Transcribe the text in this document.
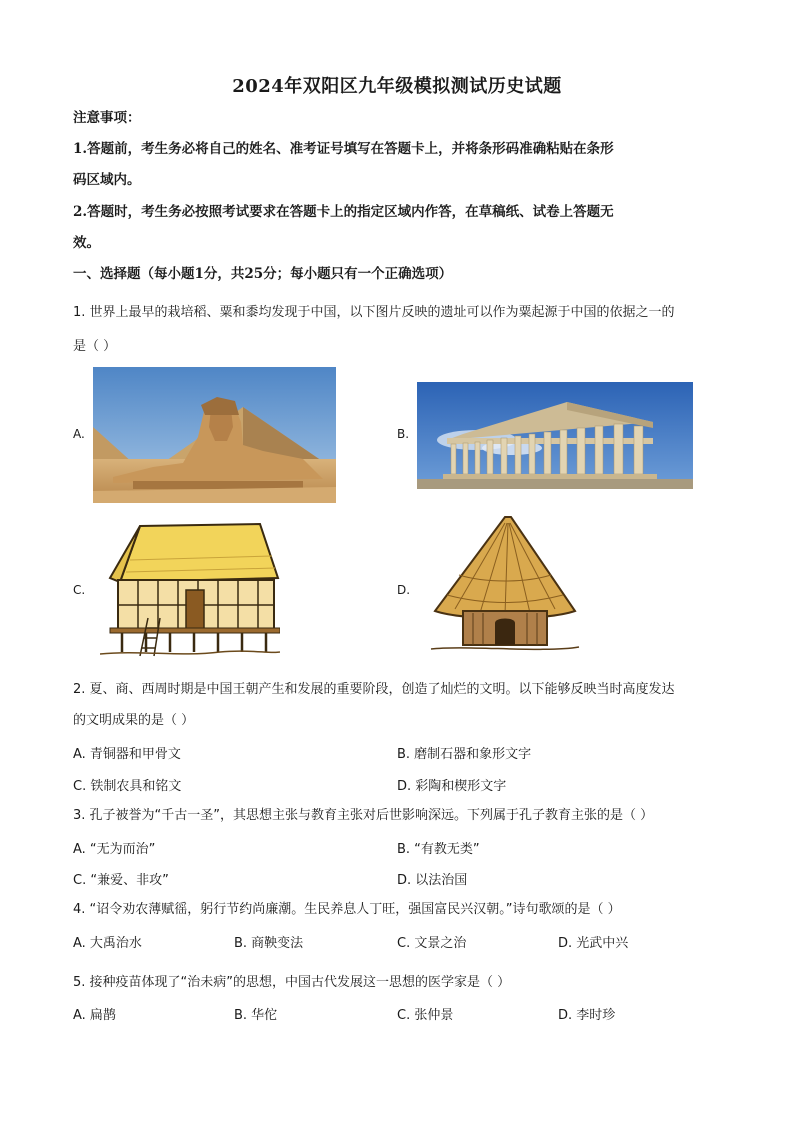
2024年双阳区九年级模拟测试历史试题
注意事项：
1.答题前，考生务必将自己的姓名、准考证号填写在答题卡上，并将条形码准确粘贴在条形
码区域内。
2.答题时，考生务必按照考试要求在答题卡上的指定区域内作答，在草稿纸、试卷上答题无
效。
一、选择题（每小题1分，共25分；每小题只有一个正确选项）
1. 世界上最早的栽培稻、粟和黍均发现于中国，以下图片反映的遗址可以作为粟起源于中国的依据之一的
是（ ）
A.	B.
C.	D.
2. 夏、商、西周时期是中国王朝产生和发展的重要阶段，创造了灿烂的文明。以下能够反映当时高度发达
的文明成果的是（ ）
A. 青铜器和甲骨文	B. 磨制石器和象形文字
C. 铁制农具和铭文	D. 彩陶和楔形文字
3. 孔子被誉为“千古一圣”，其思想主张与教育主张对后世影响深远。下列属于孔子教育主张的是（ ）
A. “无为而治”	B. “有教无类”
C. “兼爱、非攻”	D. 以法治国
4. “诏令劝农薄赋徭，躬行节约尚廉潮。生民养息人丁旺，强国富民兴汉朝。”诗句歌颂的是（ ）
A. 大禹治水	B. 商鞅变法	C. 文景之治	D. 光武中兴
5. 接种疫苗体现了“治未病”的思想，中国古代发展这一思想的医学家是（ ）
A. 扁鹊	B. 华佗	C. 张仲景	D. 李时珍
